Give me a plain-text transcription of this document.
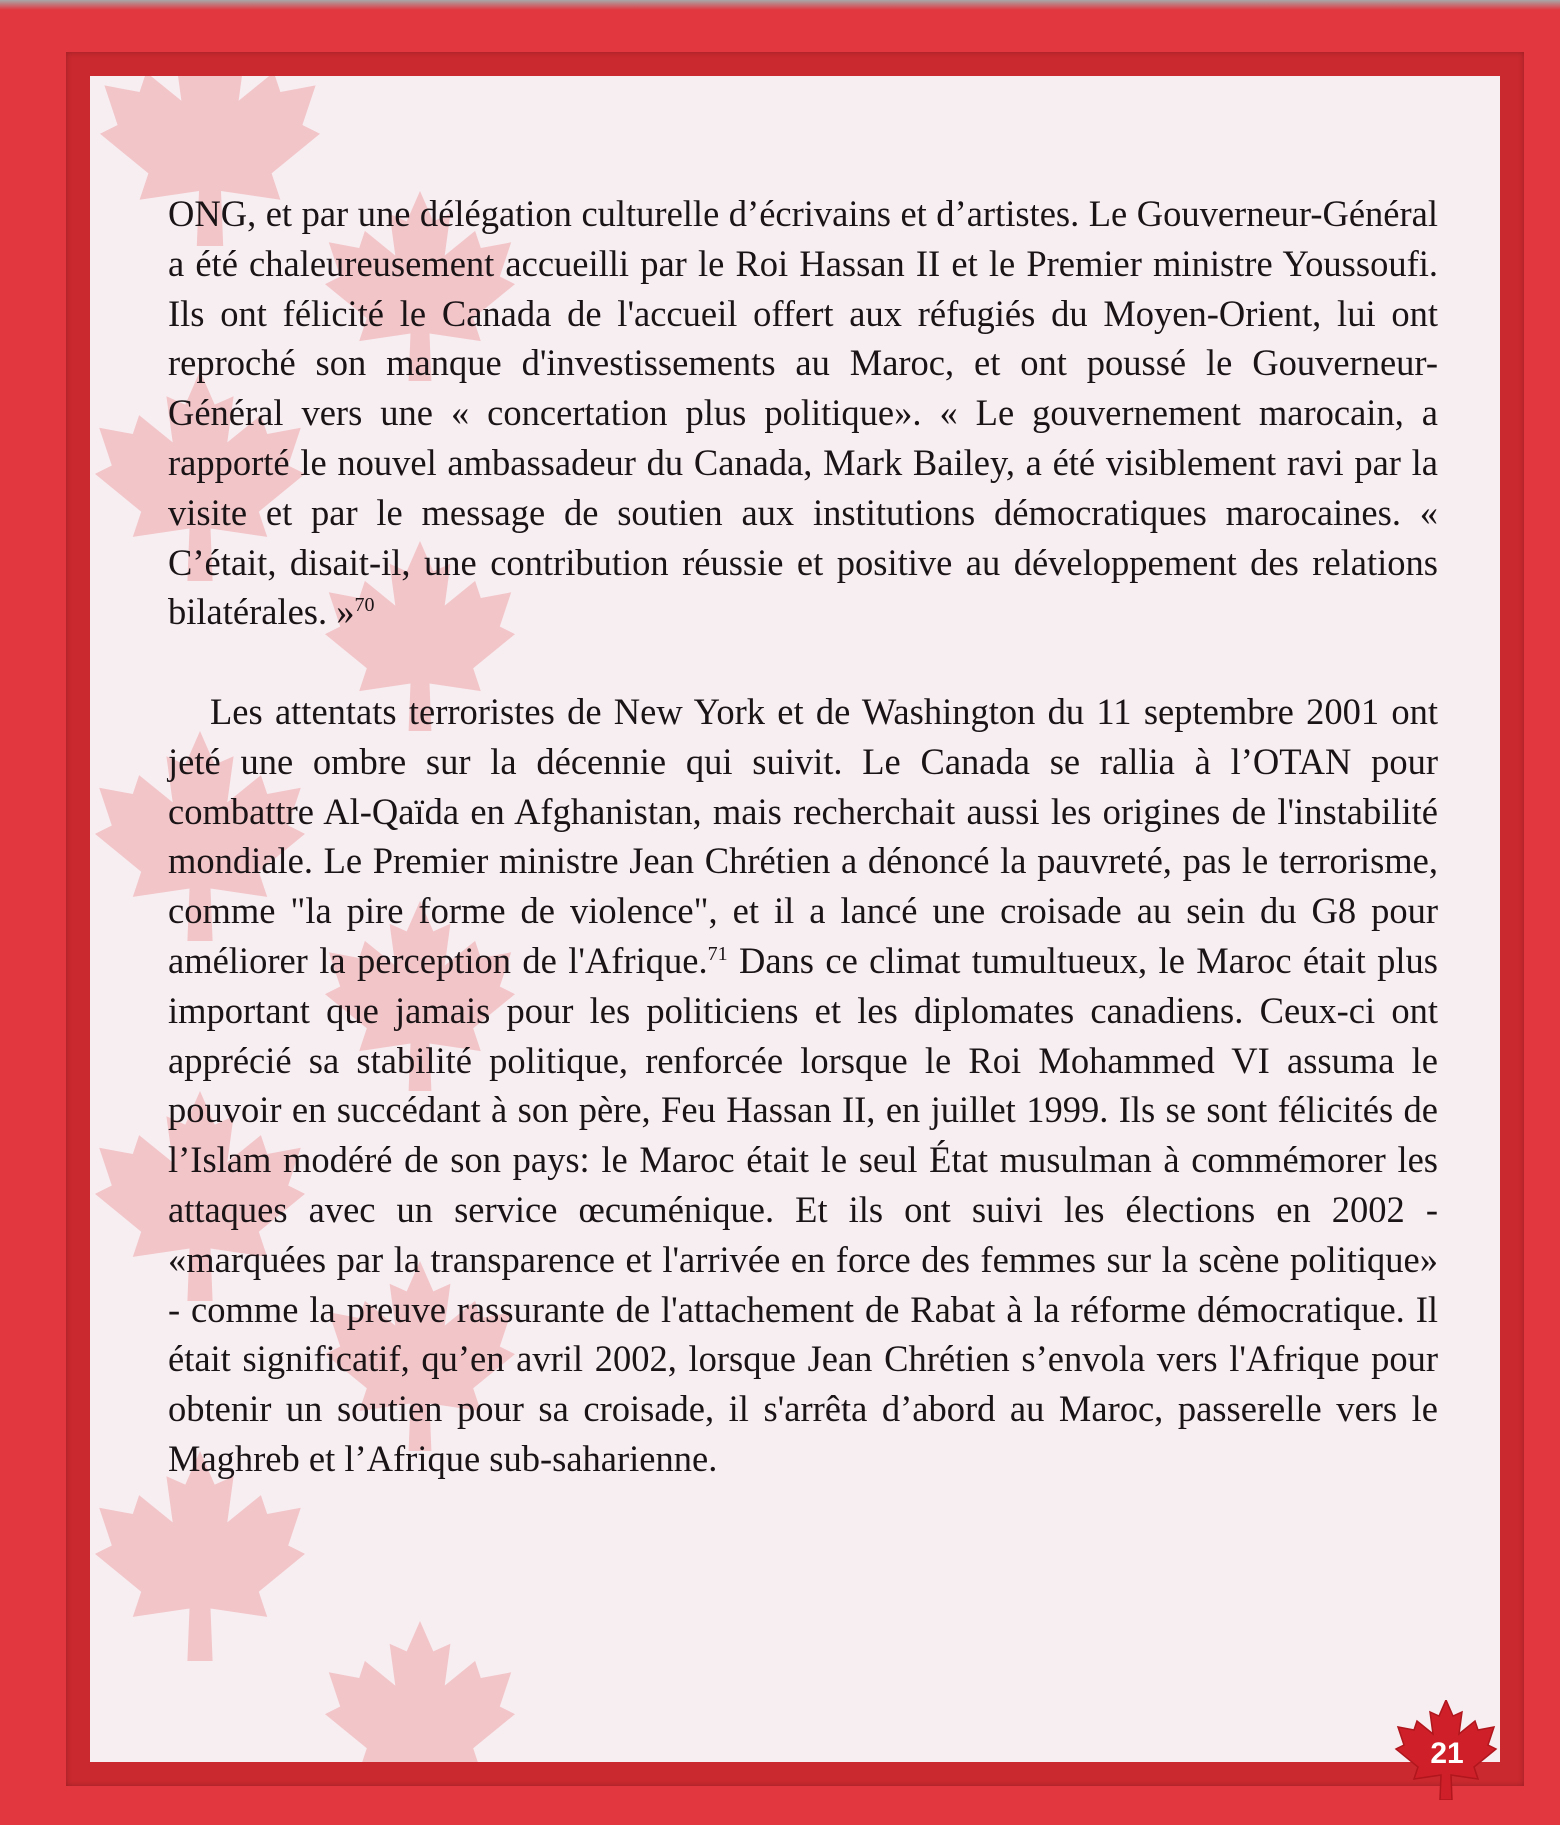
ONG, et par une délégation culturelle d’écrivains et d’artistes. Le Gouverneur-Général a été chaleureusement accueilli par le Roi Hassan II et le Premier ministre Youssoufi. Ils ont félicité le Canada de l'accueil offert aux réfugiés du Moyen-Orient, lui ont reproché son manque d'investissements au Maroc, et ont poussé le Gouverneur-Général vers une « concertation plus politique». « Le gouvernement marocain, a rapporté le nouvel ambassadeur du Canada, Mark Bailey, a été visiblement ravi par la visite et par le message de soutien aux institutions démocratiques marocaines. « C’était, disait-il, une contribution réussie et positive au développement des relations bilatérales. »$^{70}$

Les attentats terroristes de New York et de Washington du 11 septembre 2001 ont jeté une ombre sur la décennie qui suivit. Le Canada se rallia à l’OTAN pour combattre Al-Qaïda en Afghanistan, mais recherchait aussi les origines de l'instabilité mondiale. Le Premier ministre Jean Chrétien a dénoncé la pauvreté, pas le terrorisme, comme "la pire forme de violence", et il a lancé une croisade au sein du G8 pour améliorer la perception de l'Afrique.$^{71}$ Dans ce climat tumultueux, le Maroc était plus important que jamais pour les politiciens et les diplomates canadiens. Ceux-ci ont apprécié sa stabilité politique, renforcée lorsque le Roi Mohammed VI assuma le pouvoir en succédant à son père, Feu Hassan II, en juillet 1999. Ils se sont félicités de l’Islam modéré de son pays: le Maroc était le seul État musulman à commémorer les attaques avec un service œcuménique. Et ils ont suivi les élections en 2002 - «marquées par la transparence et l'arrivée en force des femmes sur la scène politique» - comme la preuve rassurante de l'attachement de Rabat à la réforme démocratique. Il était significatif, qu’en avril 2002, lorsque Jean Chrétien s’envola vers l'Afrique pour obtenir un soutien pour sa croisade, il s'arrêta d’abord au Maroc, passerelle vers le Maghreb et l’Afrique sub-saharienne.

21
